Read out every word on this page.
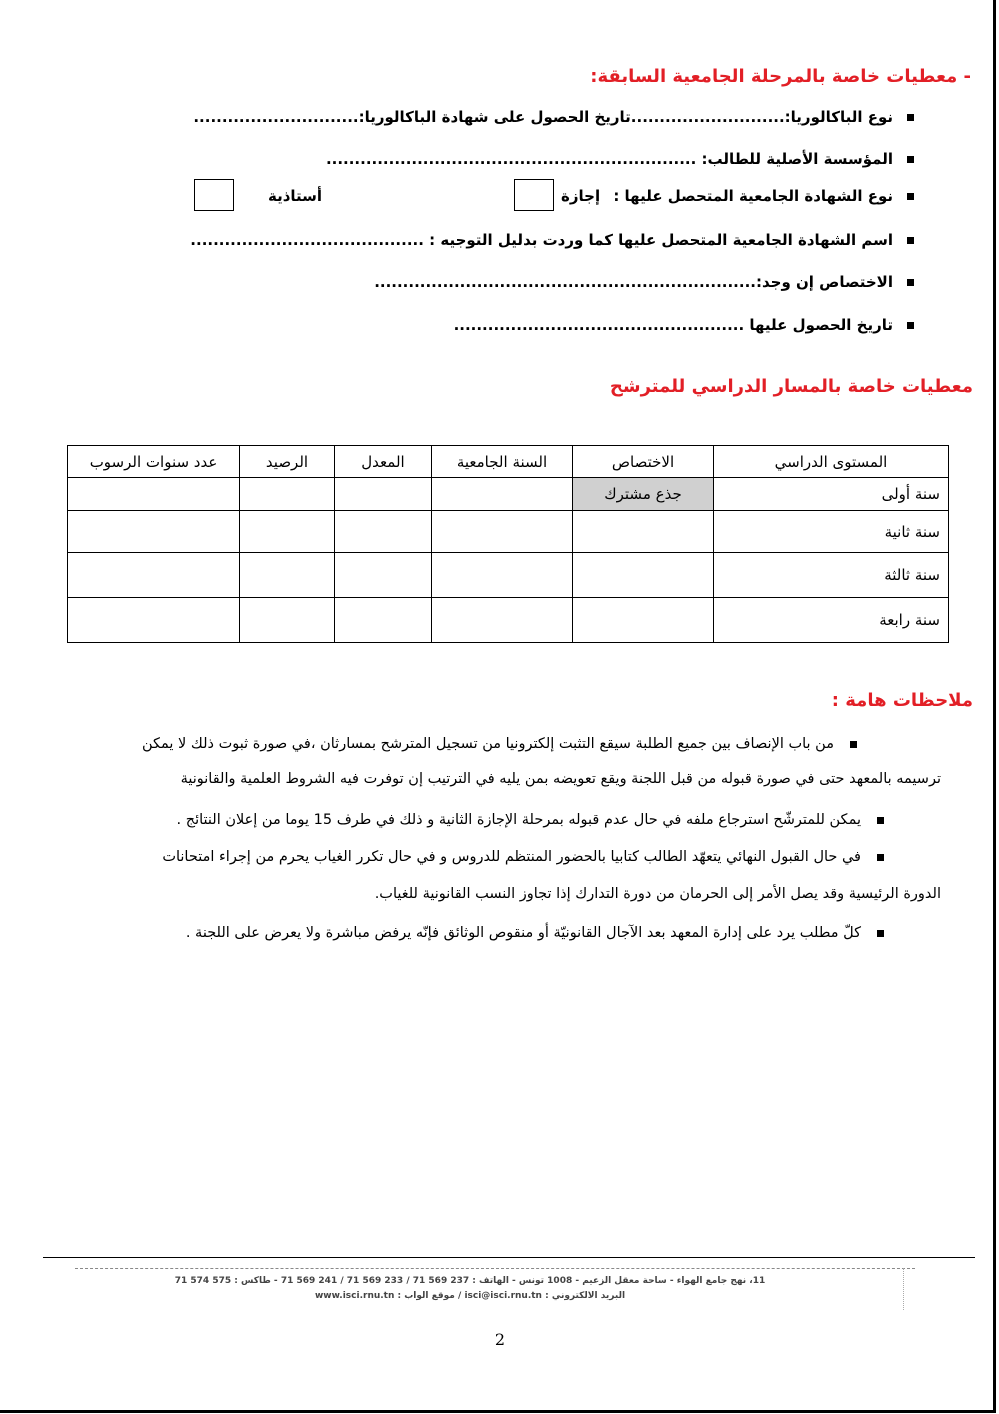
- معطيات خاصة بالمرحلة الجامعية السابقة:
نوع الباكالوريا:...........................تاريخ الحصول على شهادة الباكالوريا:.............................
المؤسسة الأصلية للطالب: .................................................................
نوع الشهادة الجامعية المتحصل عليها : إجازة
أستاذية
اسم الشهادة الجامعية المتحصل عليها كما وردت بدليل التوجيه : .........................................
الاختصاص إن وجد:...................................................................
تاريخ الحصول عليها ...................................................
معطيات خاصة بالمسار الدراسي للمترشح
المستوى الدراسي	الاختصاص	السنة الجامعية	المعدل	الرصيد	عدد سنوات الرسوب
سنة أولى	جذع مشترك				
سنة ثانية					
سنة ثالثة					
سنة رابعة					
ملاحظات هامة :
من باب الإنصاف بين جميع الطلبة سيقع التثبت إلكترونيا من تسجيل المترشح بمسارثان ،في صورة ثبوت ذلك لا يمكن
ترسيمه بالمعهد حتى في صورة قبوله من قبل اللجنة ويقع تعويضه بمن يليه في الترتيب إن توفرت فيه الشروط العلمية والقانونية
يمكن للمترشّح استرجاع ملفه في حال عدم قبوله بمرحلة الإجازة الثانية و ذلك في طرف 15 يوما من إعلان النتائج .
في حال القبول النهائي يتعهّد الطالب كتابيا بالحضور المنتظم للدروس و في حال تكرر الغياب يحرم من إجراء امتحانات
الدورة الرئيسية وقد يصل الأمر إلى الحرمان من دورة التدارك إذا تجاوز النسب القانونية للغياب.
كلّ مطلب يرد على إدارة المعهد بعد الآجال القانونيّة أو منقوص الوثائق فإنّه يرفض مباشرة ولا يعرض على اللجنة .
11، نهج جامع الهواء - ساحة معقل الزعيم - 1008 تونس - الهاتف : 237 569 71 / 233 569 71 / 241 569 71 - طاكس : 575 574 71
البريد الالكتروني : isci@isci.rnu.tn / موقع الواب : www.isci.rnu.tn
2
